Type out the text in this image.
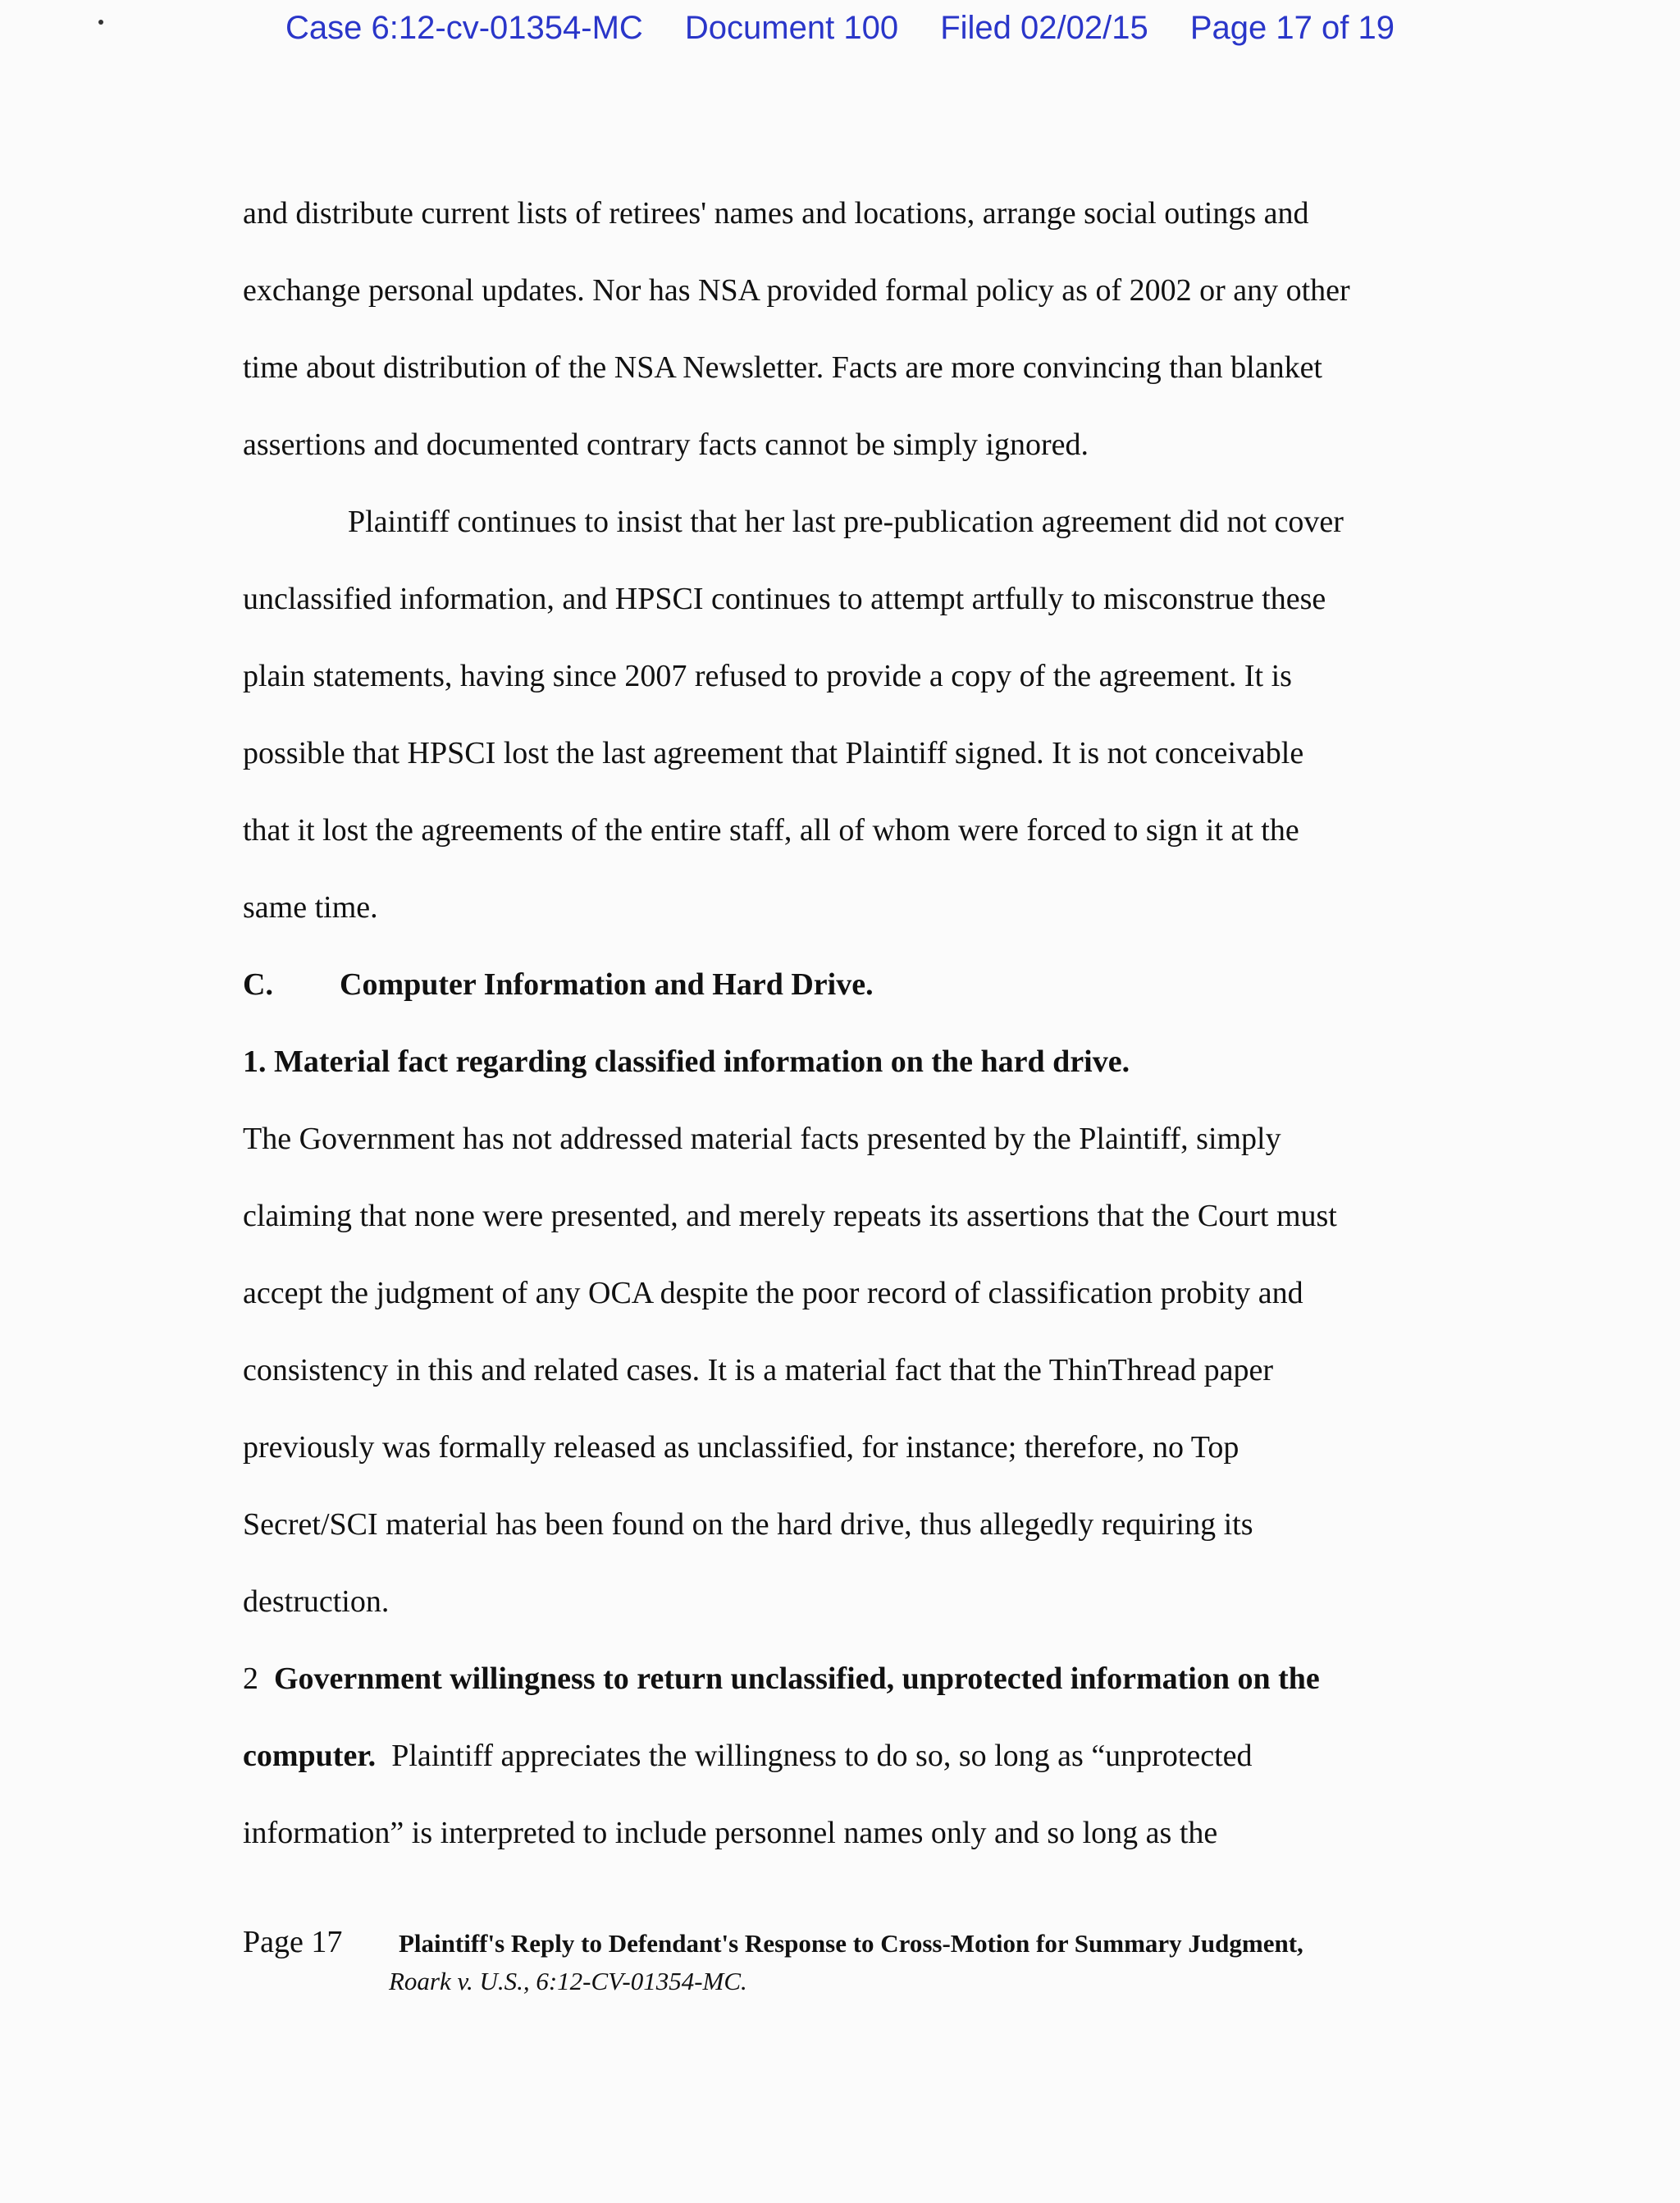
Case 6:12-cv-01354-MC Document 100 Filed 02/02/15 Page 17 of 19

and distribute current lists of retirees' names and locations, arrange social outings and
exchange personal updates. Nor has NSA provided formal policy as of 2002 or any other
time about distribution of the NSA Newsletter. Facts are more convincing than blanket
assertions and documented contrary facts cannot be simply ignored.

Plaintiff continues to insist that her last pre-publication agreement did not cover
unclassified information, and HPSCI continues to attempt artfully to misconstrue these
plain statements, having since 2007 refused to provide a copy of the agreement. It is
possible that HPSCI lost the last agreement that Plaintiff signed. It is not conceivable
that it lost the agreements of the entire staff, all of whom were forced to sign it at the
same time.

C. Computer Information and Hard Drive.

1. Material fact regarding classified information on the hard drive.

The Government has not addressed material facts presented by the Plaintiff, simply
claiming that none were presented, and merely repeats its assertions that the Court must
accept the judgment of any OCA despite the poor record of classification probity and
consistency in this and related cases. It is a material fact that the ThinThread paper
previously was formally released as unclassified, for instance; therefore, no Top
Secret/SCI material has been found on the hard drive, thus allegedly requiring its
destruction.

2 Government willingness to return unclassified, unprotected information on the
computer. Plaintiff appreciates the willingness to do so, so long as “unprotected
information” is interpreted to include personnel names only and so long as the

Page 17	Plaintiff's Reply to Defendant's Response to Cross-Motion for Summary Judgment,
Roark v. U.S., 6:12-CV-01354-MC.
